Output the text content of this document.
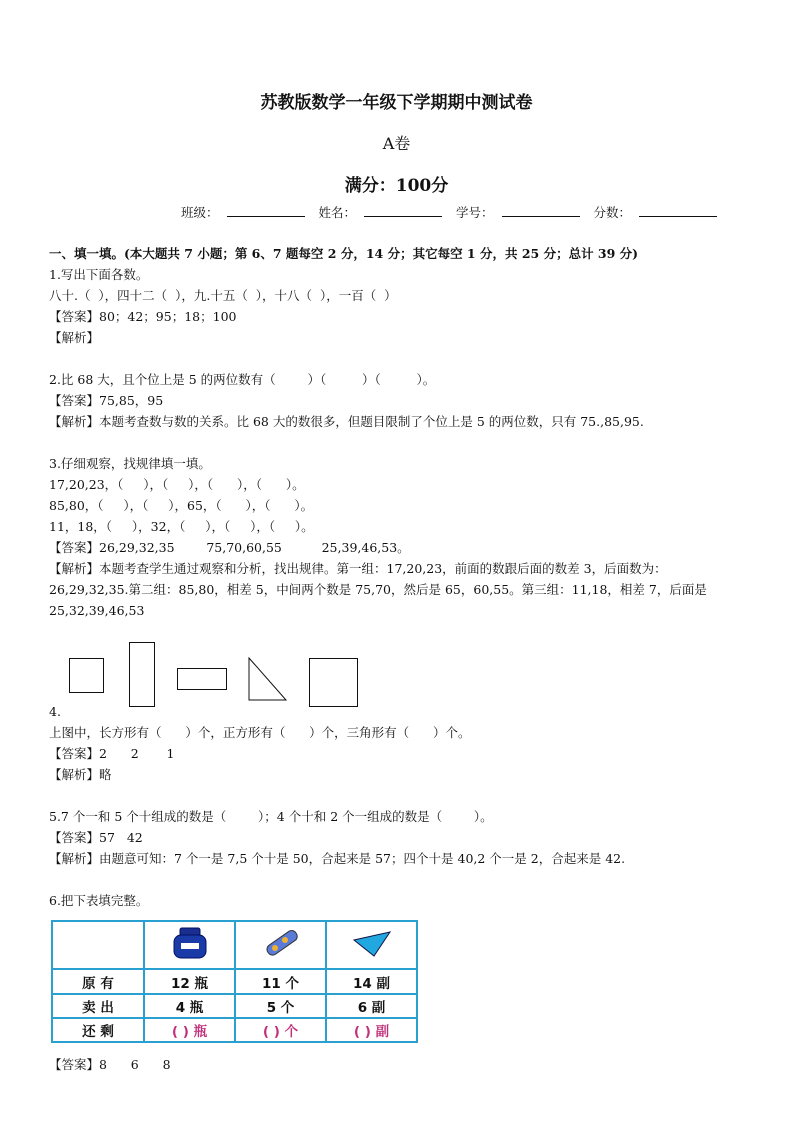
苏教版数学一年级下学期期中测试卷
A卷
满分：100分
班级：	姓名：	学号：	分数：
一、填一填。(本大题共 7 小题；第 6、7 题每空 2 分，14 分；其它每空 1 分，共 25 分；总计 39 分)
1.写出下面各数。
八十.（  ），四十二（  ），九.十五（  ），十八（  ），一百（  ）
【答案】80；42；95；18；100
【解析】
2.比 68 大，且个位上是 5 的两位数有（        ）（         ）（         ）。
【答案】75,85，95
【解析】本题考查数与数的关系。比 68 大的数很多，但题目限制了个位上是 5 的两位数，只有 75.,85,95.
3.仔细观察，找规律填一填。
17,20,23，（     ），（     ），（      ），（      ）。
85,80，（     ），（     ），65，（      ），（      ）。
11，18，（     ），32，（     ），（     ），（     ）。
【答案】26,29,32,35        75,70,60,55          25,39,46,53。
【解析】本题考查学生通过观察和分析，找出规律。第一组：17,20,23，前面的数跟后面的数差 3，后面数为：
26,29,32,35.第二组：85,80，相差 5，中间两个数是 75,70，然后是 65，60,55。第三组：11,18，相差 7，后面是
25,32,39,46,53
4.
上图中，长方形有（      ）个，正方形有（      ）个，三角形有（      ）个。
【答案】2      2       1
【解析】略
5.7 个一和 5 个十组成的数是（        ）；4 个十和 2 个一组成的数是（        ）。
【答案】57   42
【解析】由题意可知：7 个一是 7,5 个十是 50，合起来是 57；四个十是 40,2 个一是 2，合起来是 42.
6.把下表填完整。

原 有	12 瓶	11 个	14 副
卖 出	4 瓶	5 个	6 副
还 剩	( ) 瓶	( ) 个	( ) 副
【答案】8      6      8
